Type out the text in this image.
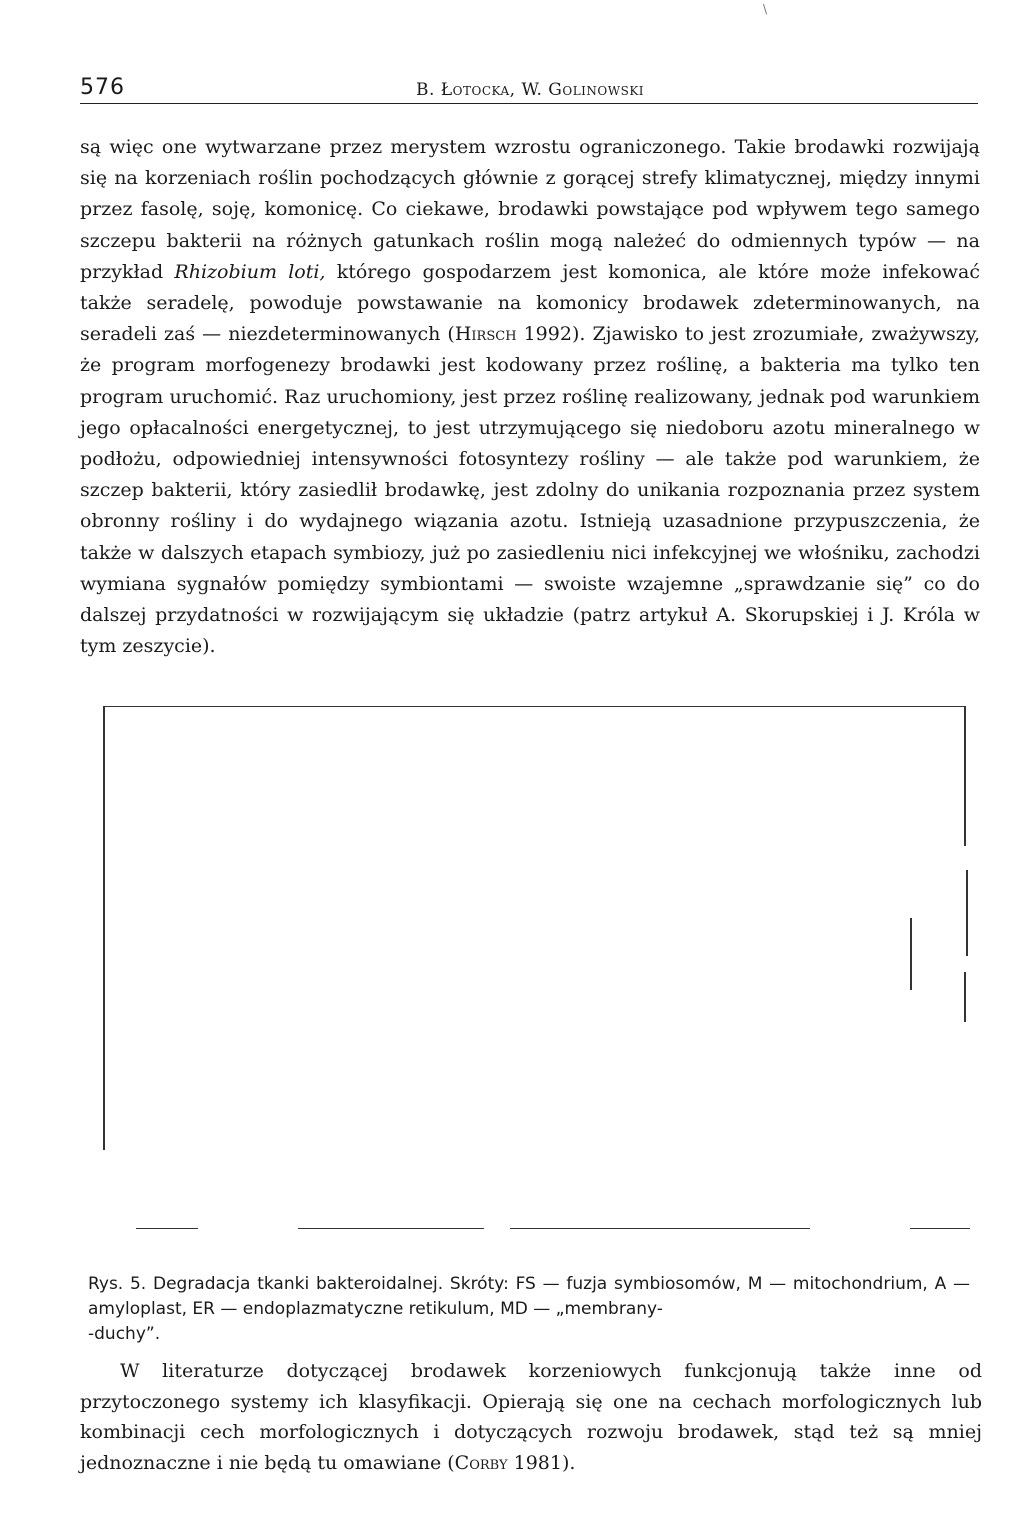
\
576	B. Łotocka, W. Golinowski

są więc one wytwarzane przez merystem wzrostu ograniczonego. Takie brodawki rozwijają się na korzeniach roślin pochodzących głównie z gorącej strefy klimatycznej, między innymi przez fasolę, soję, komonicę. Co ciekawe, brodawki powstające pod wpływem tego samego szczepu bakterii na różnych gatunkach roślin mogą należeć do odmiennych typów — na przykład Rhizobium loti, którego gospodarzem jest komonica, ale które może infekować także seradelę, powoduje powstawanie na komonicy brodawek zdeterminowanych, na seradeli zaś — niezdeterminowanych (Hirsch 1992). Zjawisko to jest zrozumiałe, zważywszy, że program morfogenezy brodawki jest kodowany przez roślinę, a bakteria ma tylko ten program uruchomić. Raz uruchomiony, jest przez roślinę realizowany, jednak pod warunkiem jego opłacalności energetycznej, to jest utrzymującego się niedoboru azotu mineralnego w podłożu, odpowiedniej intensywności fotosyntezy rośliny — ale także pod warunkiem, że szczep bakterii, który zasiedlił brodawkę, jest zdolny do unikania rozpoznania przez system obronny rośliny i do wydajnego wiązania azotu. Istnieją uzasadnione przypuszczenia, że także w dalszych etapach symbiozy, już po zasiedleniu nici infekcyjnej we włośniku, zachodzi wymiana sygnałów pomiędzy symbiontami — swoiste wzajemne „sprawdzanie się” co do dalszej przydatności w rozwijającym się układzie (patrz artykuł A. Skorupskiej i J. Króla w tym zeszycie).

Rys. 5. Degradacja tkanki bakteroidalnej. Skróty: FS — fuzja symbiosomów, M — mitochondrium, A — amyloplast, ER — endoplazmatyczne retikulum, MD — „membrany-
-duchy”.

W literaturze dotyczącej brodawek korzeniowych funkcjonują także inne od przytoczonego systemy ich klasyfikacji. Opierają się one na cechach morfologicznych lub kombinacji cech morfologicznych i dotyczących rozwoju brodawek, stąd też są mniej jednoznaczne i nie będą tu omawiane (Corby 1981).
